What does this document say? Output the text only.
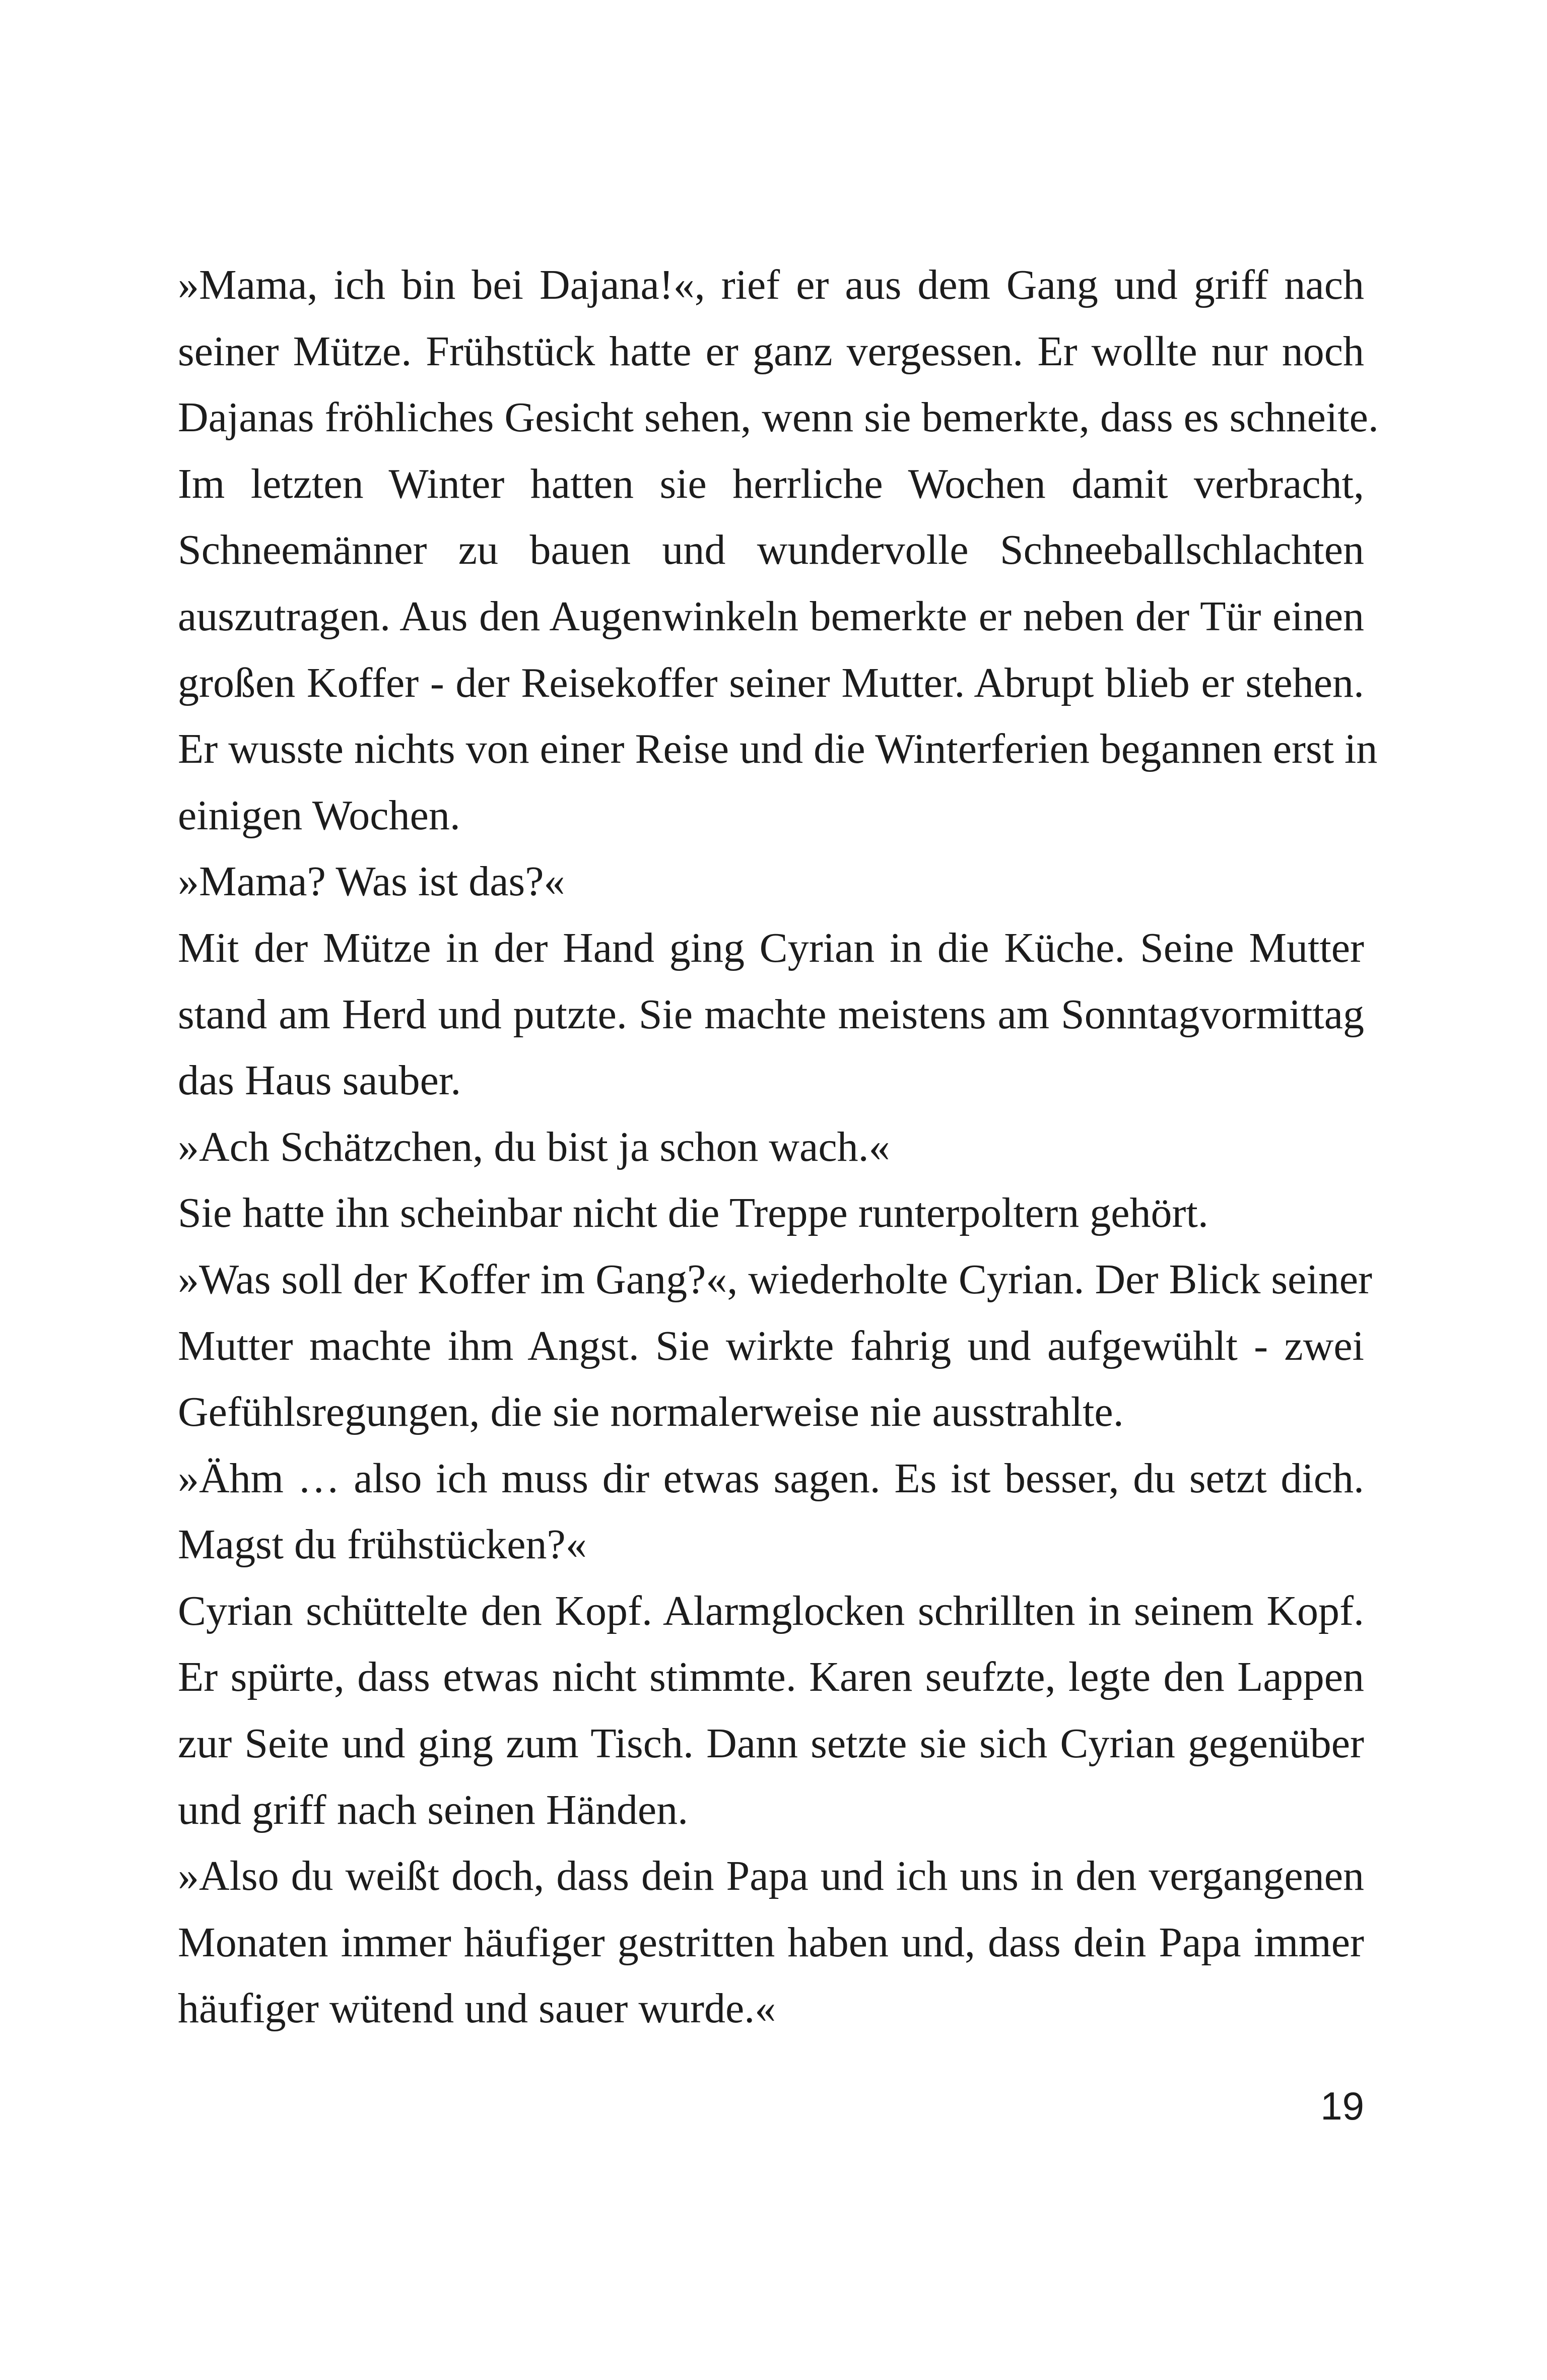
»Mama, ich bin bei Dajana!«, rief er aus dem Gang und griff nach
seiner Mütze. Frühstück hatte er ganz vergessen. Er wollte nur noch
Dajanas fröhliches Gesicht sehen, wenn sie bemerkte, dass es schneite.
Im letzten Winter hatten sie herrliche Wochen damit verbracht,
Schneemänner zu bauen und wundervolle Schneeballschlachten
auszutragen. Aus den Augenwinkeln bemerkte er neben der Tür einen
großen Koffer - der Reisekoffer seiner Mutter. Abrupt blieb er stehen.
Er wusste nichts von einer Reise und die Winterferien begannen erst in
einigen Wochen.
»Mama? Was ist das?«
Mit der Mütze in der Hand ging Cyrian in die Küche. Seine Mutter
stand am Herd und putzte. Sie machte meistens am Sonntagvormittag
das Haus sauber.
»Ach Schätzchen, du bist ja schon wach.«
Sie hatte ihn scheinbar nicht die Treppe runterpoltern gehört.
»Was soll der Koffer im Gang?«, wiederholte Cyrian. Der Blick seiner
Mutter machte ihm Angst. Sie wirkte fahrig und aufgewühlt - zwei
Gefühlsregungen, die sie normalerweise nie ausstrahlte.
»Ähm … also ich muss dir etwas sagen. Es ist besser, du setzt dich.
Magst du frühstücken?«
Cyrian schüttelte den Kopf. Alarmglocken schrillten in seinem Kopf.
Er spürte, dass etwas nicht stimmte. Karen seufzte, legte den Lappen
zur Seite und ging zum Tisch. Dann setzte sie sich Cyrian gegenüber
und griff nach seinen Händen.
»Also du weißt doch, dass dein Papa und ich uns in den vergangenen
Monaten immer häufiger gestritten haben und, dass dein Papa immer
häufiger wütend und sauer wurde.«
19
